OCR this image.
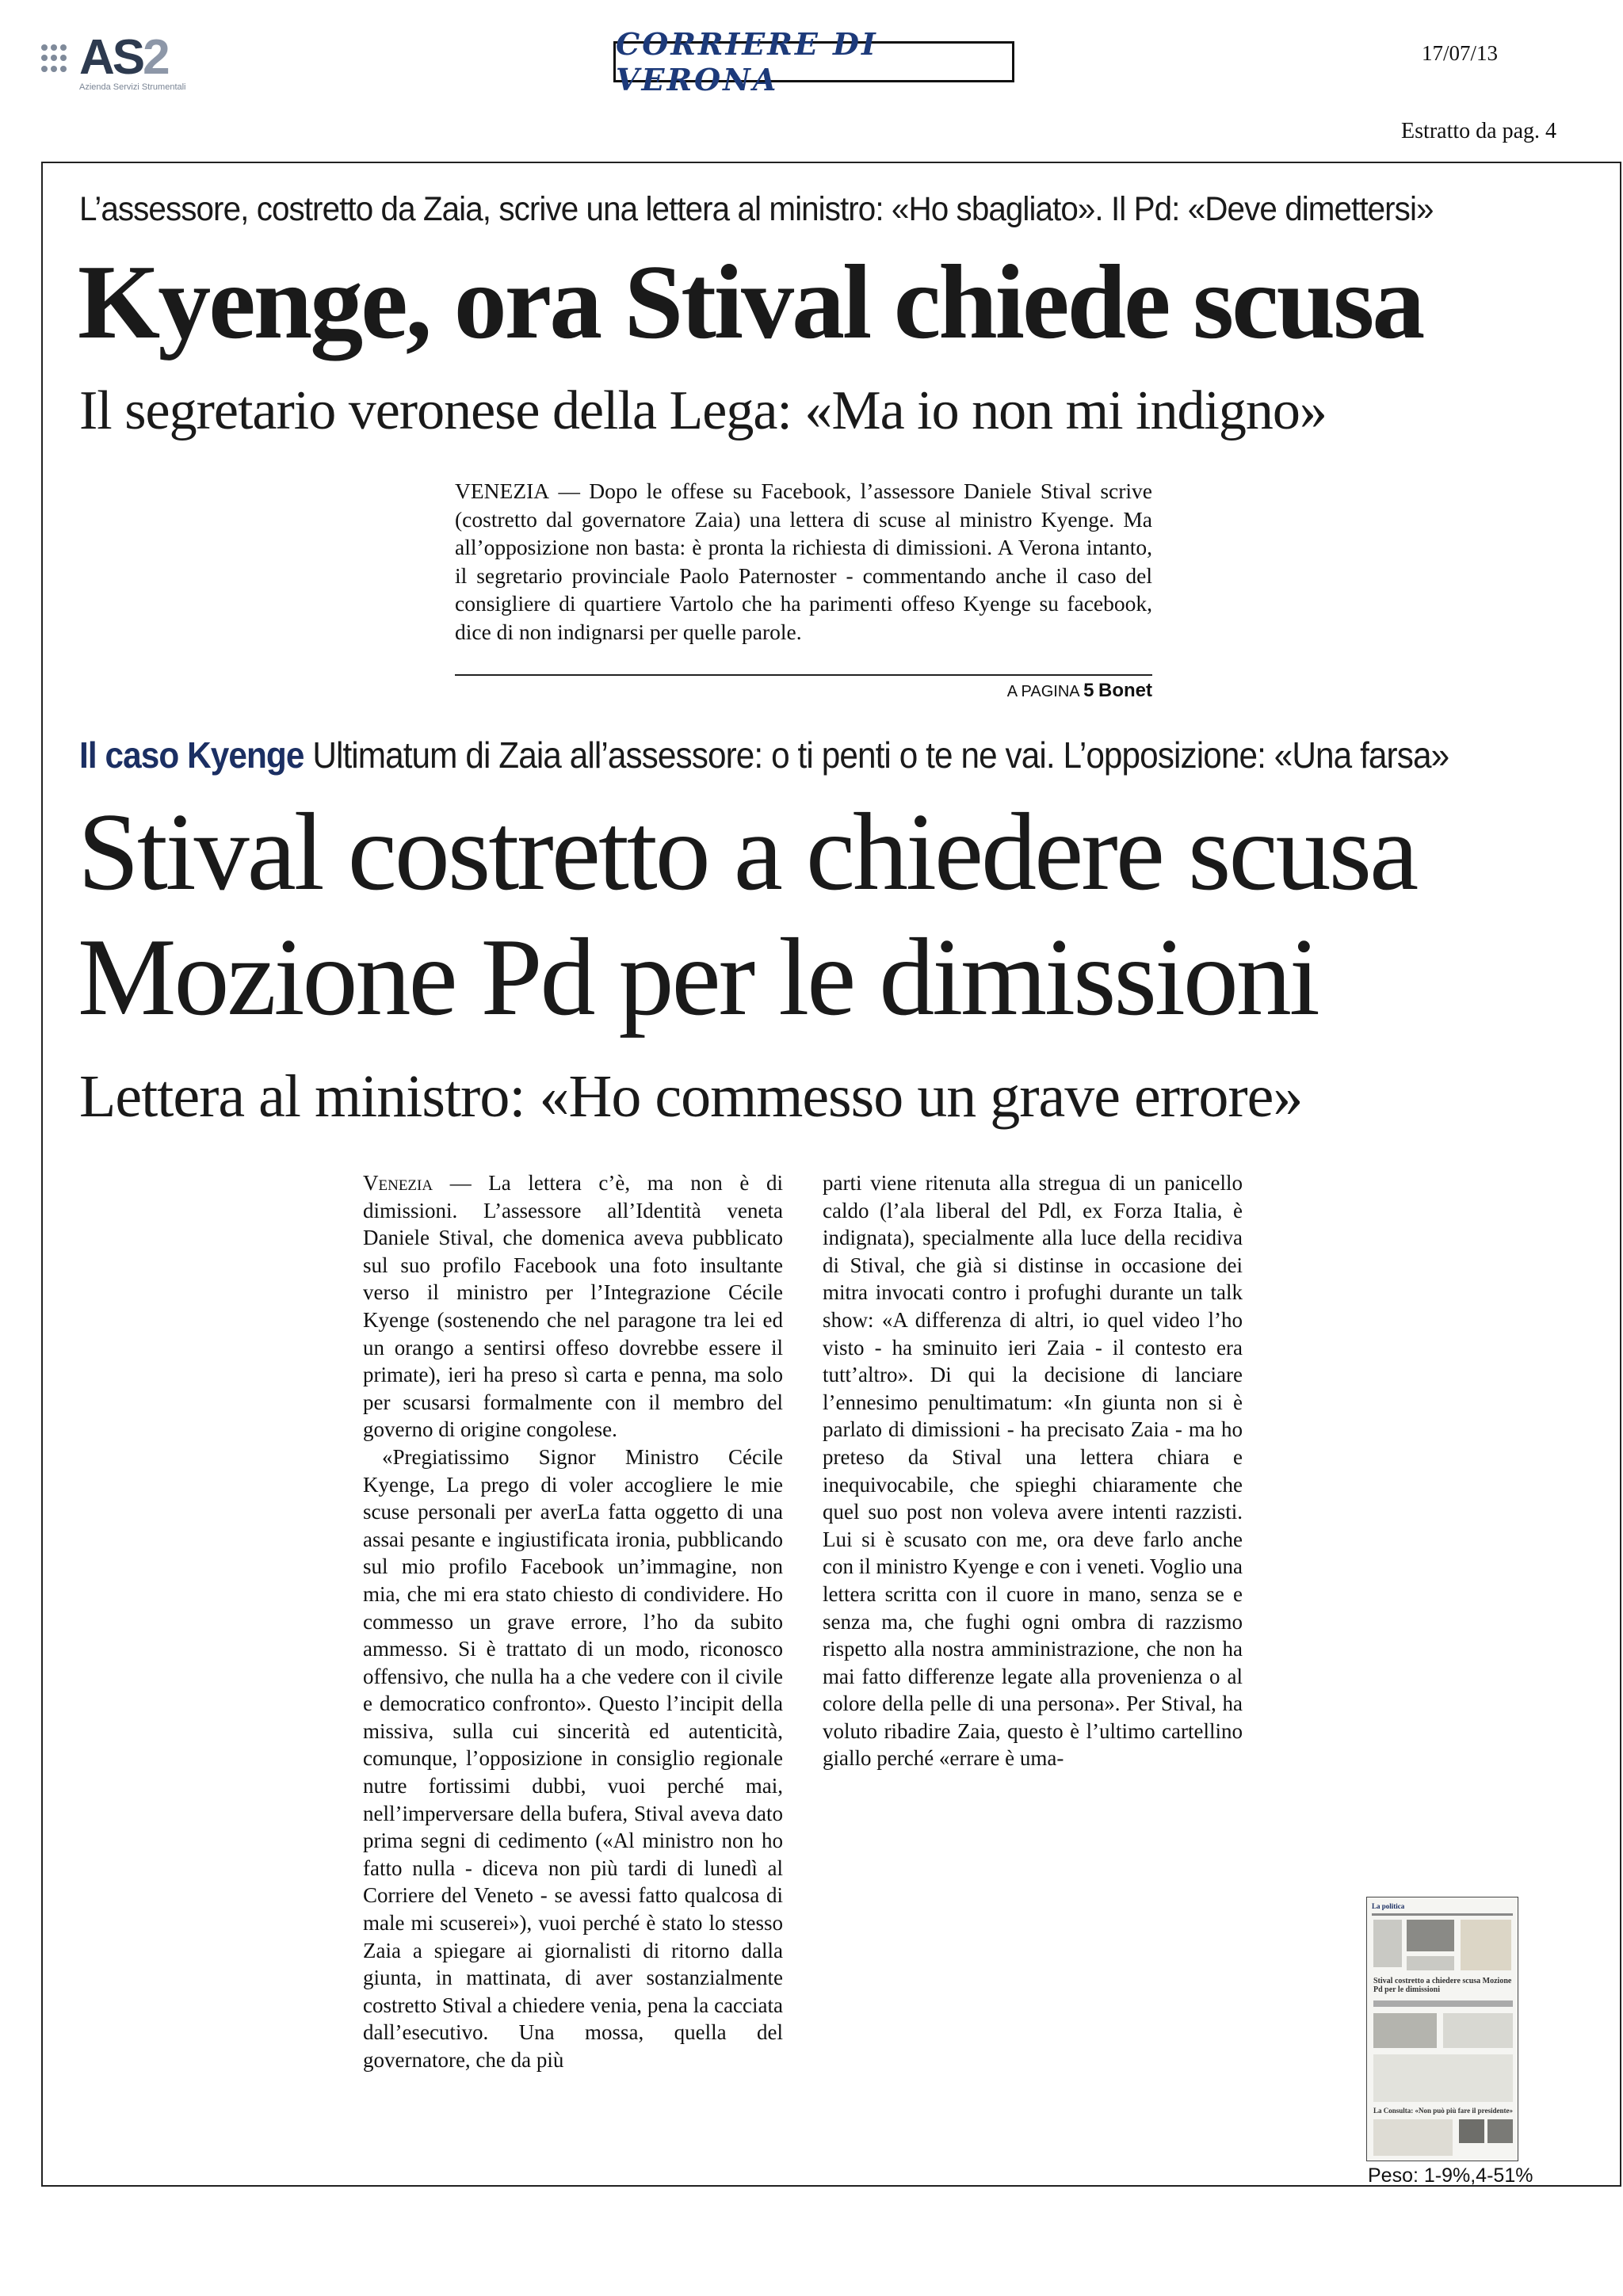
AS2
Azienda Servizi Strumentali
CORRIERE DI VERONA
17/07/13
Estratto da pag. 4
L’assessore, costretto da Zaia, scrive una lettera al ministro: «Ho sbagliato». Il Pd: «Deve dimettersi»
Kyenge, ora Stival chiede scusa
Il segretario veronese della Lega: «Ma io non mi indigno»
VENEZIA — Dopo le offese su Facebook, l’assessore Daniele Stival scrive (costretto dal governatore Zaia) una lettera di scuse al ministro Kyenge. Ma all’opposizione non basta: è pronta la richiesta di dimissioni. A Verona intanto, il segretario provinciale Paolo Paternoster - commentando anche il caso del consigliere di quartiere Vartolo che ha parimenti offeso Kyenge su facebook, dice di non indignarsi per quelle parole.
A PAGINA 5 Bonet
Il caso Kyenge Ultimatum di Zaia all’assessore: o ti penti o te ne vai. L’opposizione: «Una farsa»
Stival costretto a chiedere scusa
Mozione Pd per le dimissioni
Lettera al ministro: «Ho commesso un grave errore»

Venezia — La lettera c’è, ma non è di dimissioni. L’assessore all’Identità veneta Daniele Stival, che domenica aveva pubblicato sul suo profilo Facebook una foto insultante verso il ministro per l’Integrazione Cécile Kyenge (sostenendo che nel paragone tra lei ed un orango a sentirsi offeso dovrebbe essere il primate), ieri ha preso sì carta e penna, ma solo per scusarsi formalmente con il membro del governo di origine congolese.

«Pregiatissimo Signor Ministro Cécile Kyenge, La prego di voler accogliere le mie scuse personali per averLa fatta oggetto di una assai pesante e ingiustificata ironia, pubblicando sul mio profilo Facebook un’immagine, non mia, che mi era stato chiesto di condividere. Ho commesso un grave errore, l’ho da subito ammesso. Si è trattato di un modo, riconosco offensivo, che nulla ha a che vedere con il civile e democratico confronto». Questo l’incipit della missiva, sulla cui sincerità ed autenticità, comunque, l’opposizione in consiglio regionale nutre fortissimi dubbi, vuoi perché mai, nell’imperversare della bufera, Stival aveva dato prima segni di cedimento («Al ministro non ho fatto nulla - diceva non più tardi di lunedì al Corriere del Veneto - se avessi fatto qualcosa di male mi scuserei»), vuoi perché è stato lo stesso Zaia a spiegare ai giornalisti di ritorno dalla giunta, in mattinata, di aver sostanzialmente costretto Stival a chiedere venia, pena la cacciata dall’esecutivo. Una mossa, quella del governatore, che da più

parti viene ritenuta alla stregua di un panicello caldo (l’ala liberal del Pdl, ex Forza Italia, è indignata), specialmente alla luce della recidiva di Stival, che già si distinse in occasione dei mitra invocati contro i profughi durante un talk show: «A differenza di altri, io quel video l’ho visto - ha sminuito ieri Zaia - il contesto era tutt’altro». Di qui la decisione di lanciare l’ennesimo penultimatum: «In giunta non si è parlato di dimissioni - ha precisato Zaia - ma ho preteso da Stival una lettera chiara e inequivocabile, che spieghi chiaramente che quel suo post non voleva avere intenti razzisti. Lui si è scusato con me, ora deve farlo anche con il ministro Kyenge e con i veneti. Voglio una lettera scritta con il cuore in mano, senza se e senza ma, che fughi ogni ombra di razzismo rispetto alla nostra amministrazione, che non ha mai fatto differenze legate alla provenienza o al colore della pelle di una persona». Per Stival, ha voluto ribadire Zaia, questo è l’ultimo cartellino giallo perché «errare è uma-

La politica
Stival costretto a chiedere scusa Mozione Pd per le dimissioni
La Consulta: «Non può più fare il presidente»
Peso: 1-9%,4-51%
